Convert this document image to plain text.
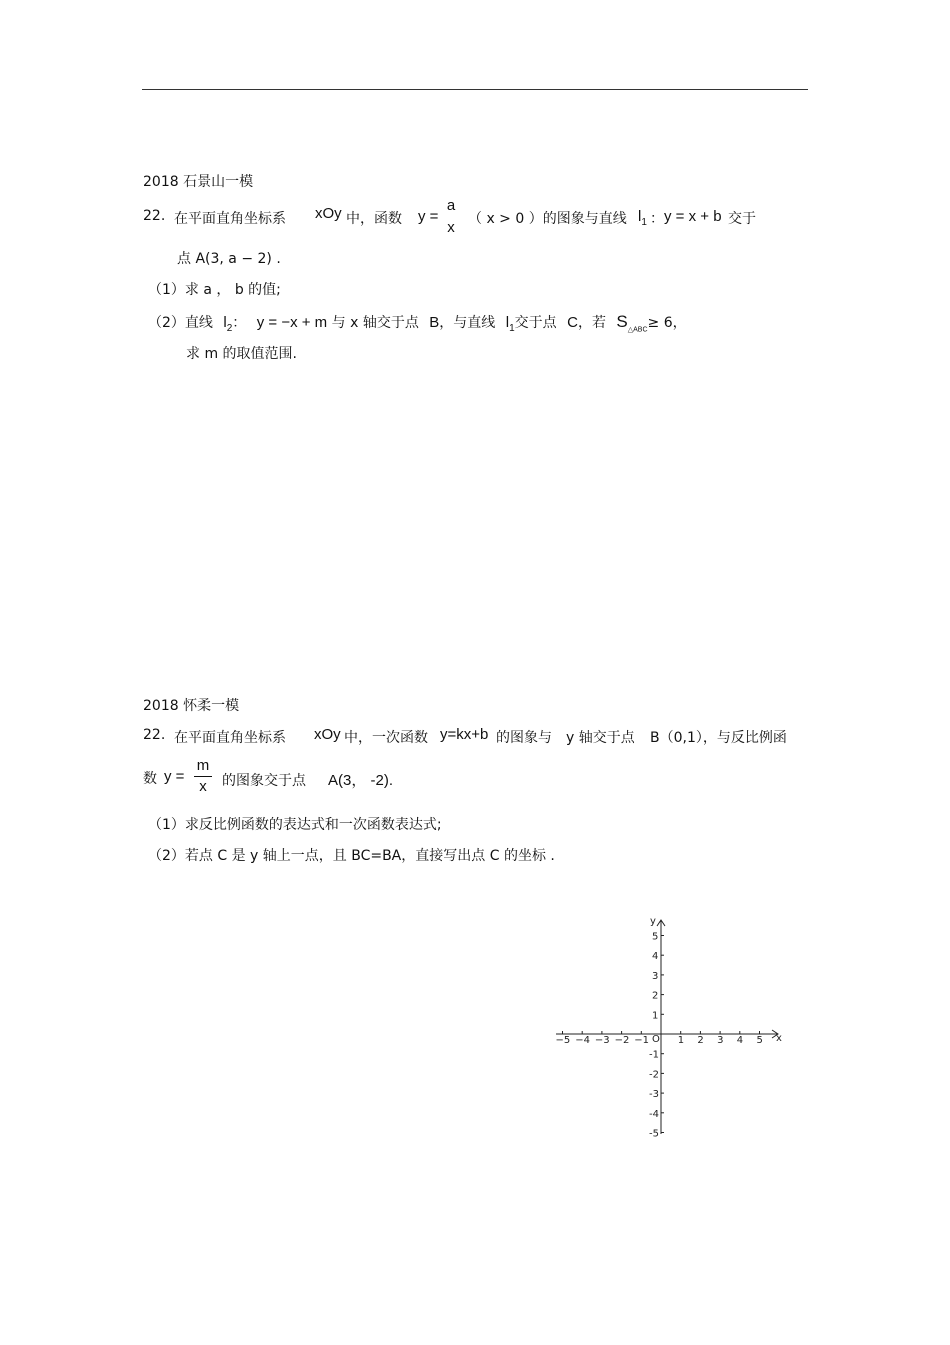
2018 石景山一模
22. 在平面直角坐标系 xOy 中，函数 y =
a
x （ x > 0 ）的图象与直线 $l_1$ ： y = x + b 交于
点 A(3, a − 2) .
（1）求 a ， b 的值;
（2）直线 $l_2$： y = −x + m 与 x 轴交于点 B，与直线 $l_1$交于点 C，若 $S_{\triangle ABC}\ge 6$，
求 m 的取值范围.
2018 怀柔一模
22. 在平面直角坐标系 xOy 中，一次函数 y=kx+b 的图象与 y 轴交于点 B（0,1），与反比例函
数 y =
m
x	的图象交于点 A(3， -2).
（1）求反比例函数的表达式和一次函数表达式;
（2）若点 C 是 y 轴上一点，且 BC=BA，直接写出点 C 的坐标 .
x
y
O
−5 −4 −3 −2 −1	1 2 3 4 5
5
4
3
2
1
-1
-2
-3
-4
-5
